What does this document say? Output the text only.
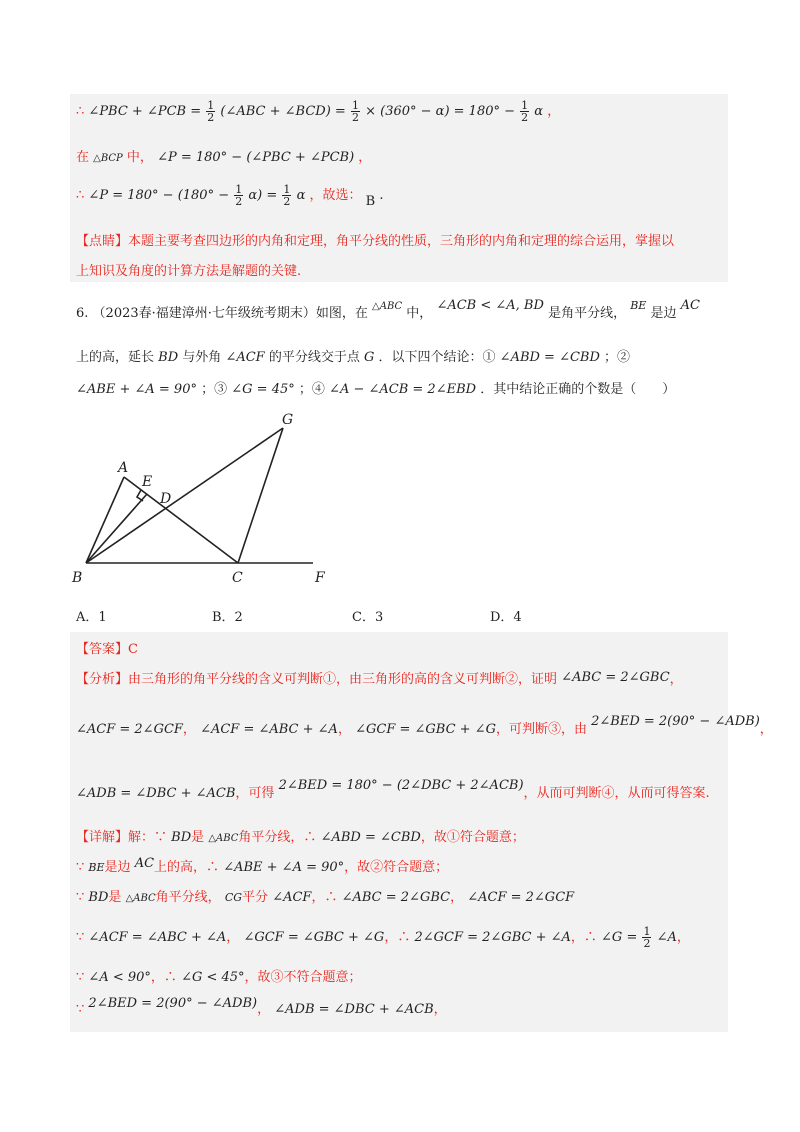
∴ ∠PBC + ∠PCB = $\frac{1}{2}$ (∠ABC + ∠BCD) = $\frac{1}{2} \times (360^\circ - \alpha) = 180^\circ - \frac{1}{2}$ α ，
在 △BCP 中， ∠P = 180° − (∠PBC + ∠PCB) ，
∴ ∠P = $180^\circ - (180^\circ - \frac{1}{2} \alpha) = \frac{1}{2}$ α ，故选： B .
【点睛】本题主要考查四边形的内角和定理，角平分线的性质，三角形的内角和定理的综合运用，掌握以
上知识及角度的计算方法是解题的关键.
6. （2023春·福建漳州·七年级统考期末）如图，在 $^{\triangle ABC}$ 中， ∠ACB < ∠A, BD 是角平分线， $^{BE}$ 是边 AC
上的高，延长 BD 与外角 ∠ACF 的平分线交于点 G ．以下四个结论：① ∠ABD = ∠CBD ；②
∠ABE + ∠A = 90° ；③ ∠G = 45° ；④ ∠A − ∠ACB = 2∠EBD ．其中结论正确的个数是（　　）
A
E
D
G
B	C	F
A．1	B．2	C．3	D．4
【答案】C
【分析】由三角形的角平分线的含义可判断①，由三角形的高的含义可判断②，证明 ∠ABC = 2∠GBC，
∠ACF = 2∠GCF， ∠ACF = ∠ABC + ∠A， ∠GCF = ∠GBC + ∠G，可判断③，由 2∠BED = 2(90° − ∠ADB)，
∠ADB = ∠DBC + ∠ACB，可得 2∠BED = 180° − (2∠DBC + 2∠ACB)，从而可判断④，从而可得答案.
【详解】解：∵ BD是 △ABC角平分线，∴ ∠ABD = ∠CBD，故①符合题意；
∵ BE是边 AC上的高，∴ ∠ABE + ∠A = 90°，故②符合题意；
∵ BD是 △ABC角平分线， CG平分 ∠ACF，∴ ∠ABC = 2∠GBC， ∠ACF = 2∠GCF
∵ ∠ACF = ∠ABC + ∠A， ∠GCF = ∠GBC + ∠G，∴ 2∠GCF = 2∠GBC + ∠A，∴ ∠G = $\frac{1}{2}$ ∠A，
∵ ∠A < 90°，∴ ∠G < 45°，故③不符合题意；
∵ 2∠BED = 2(90° − ∠ADB)， ∠ADB = ∠DBC + ∠ACB，
